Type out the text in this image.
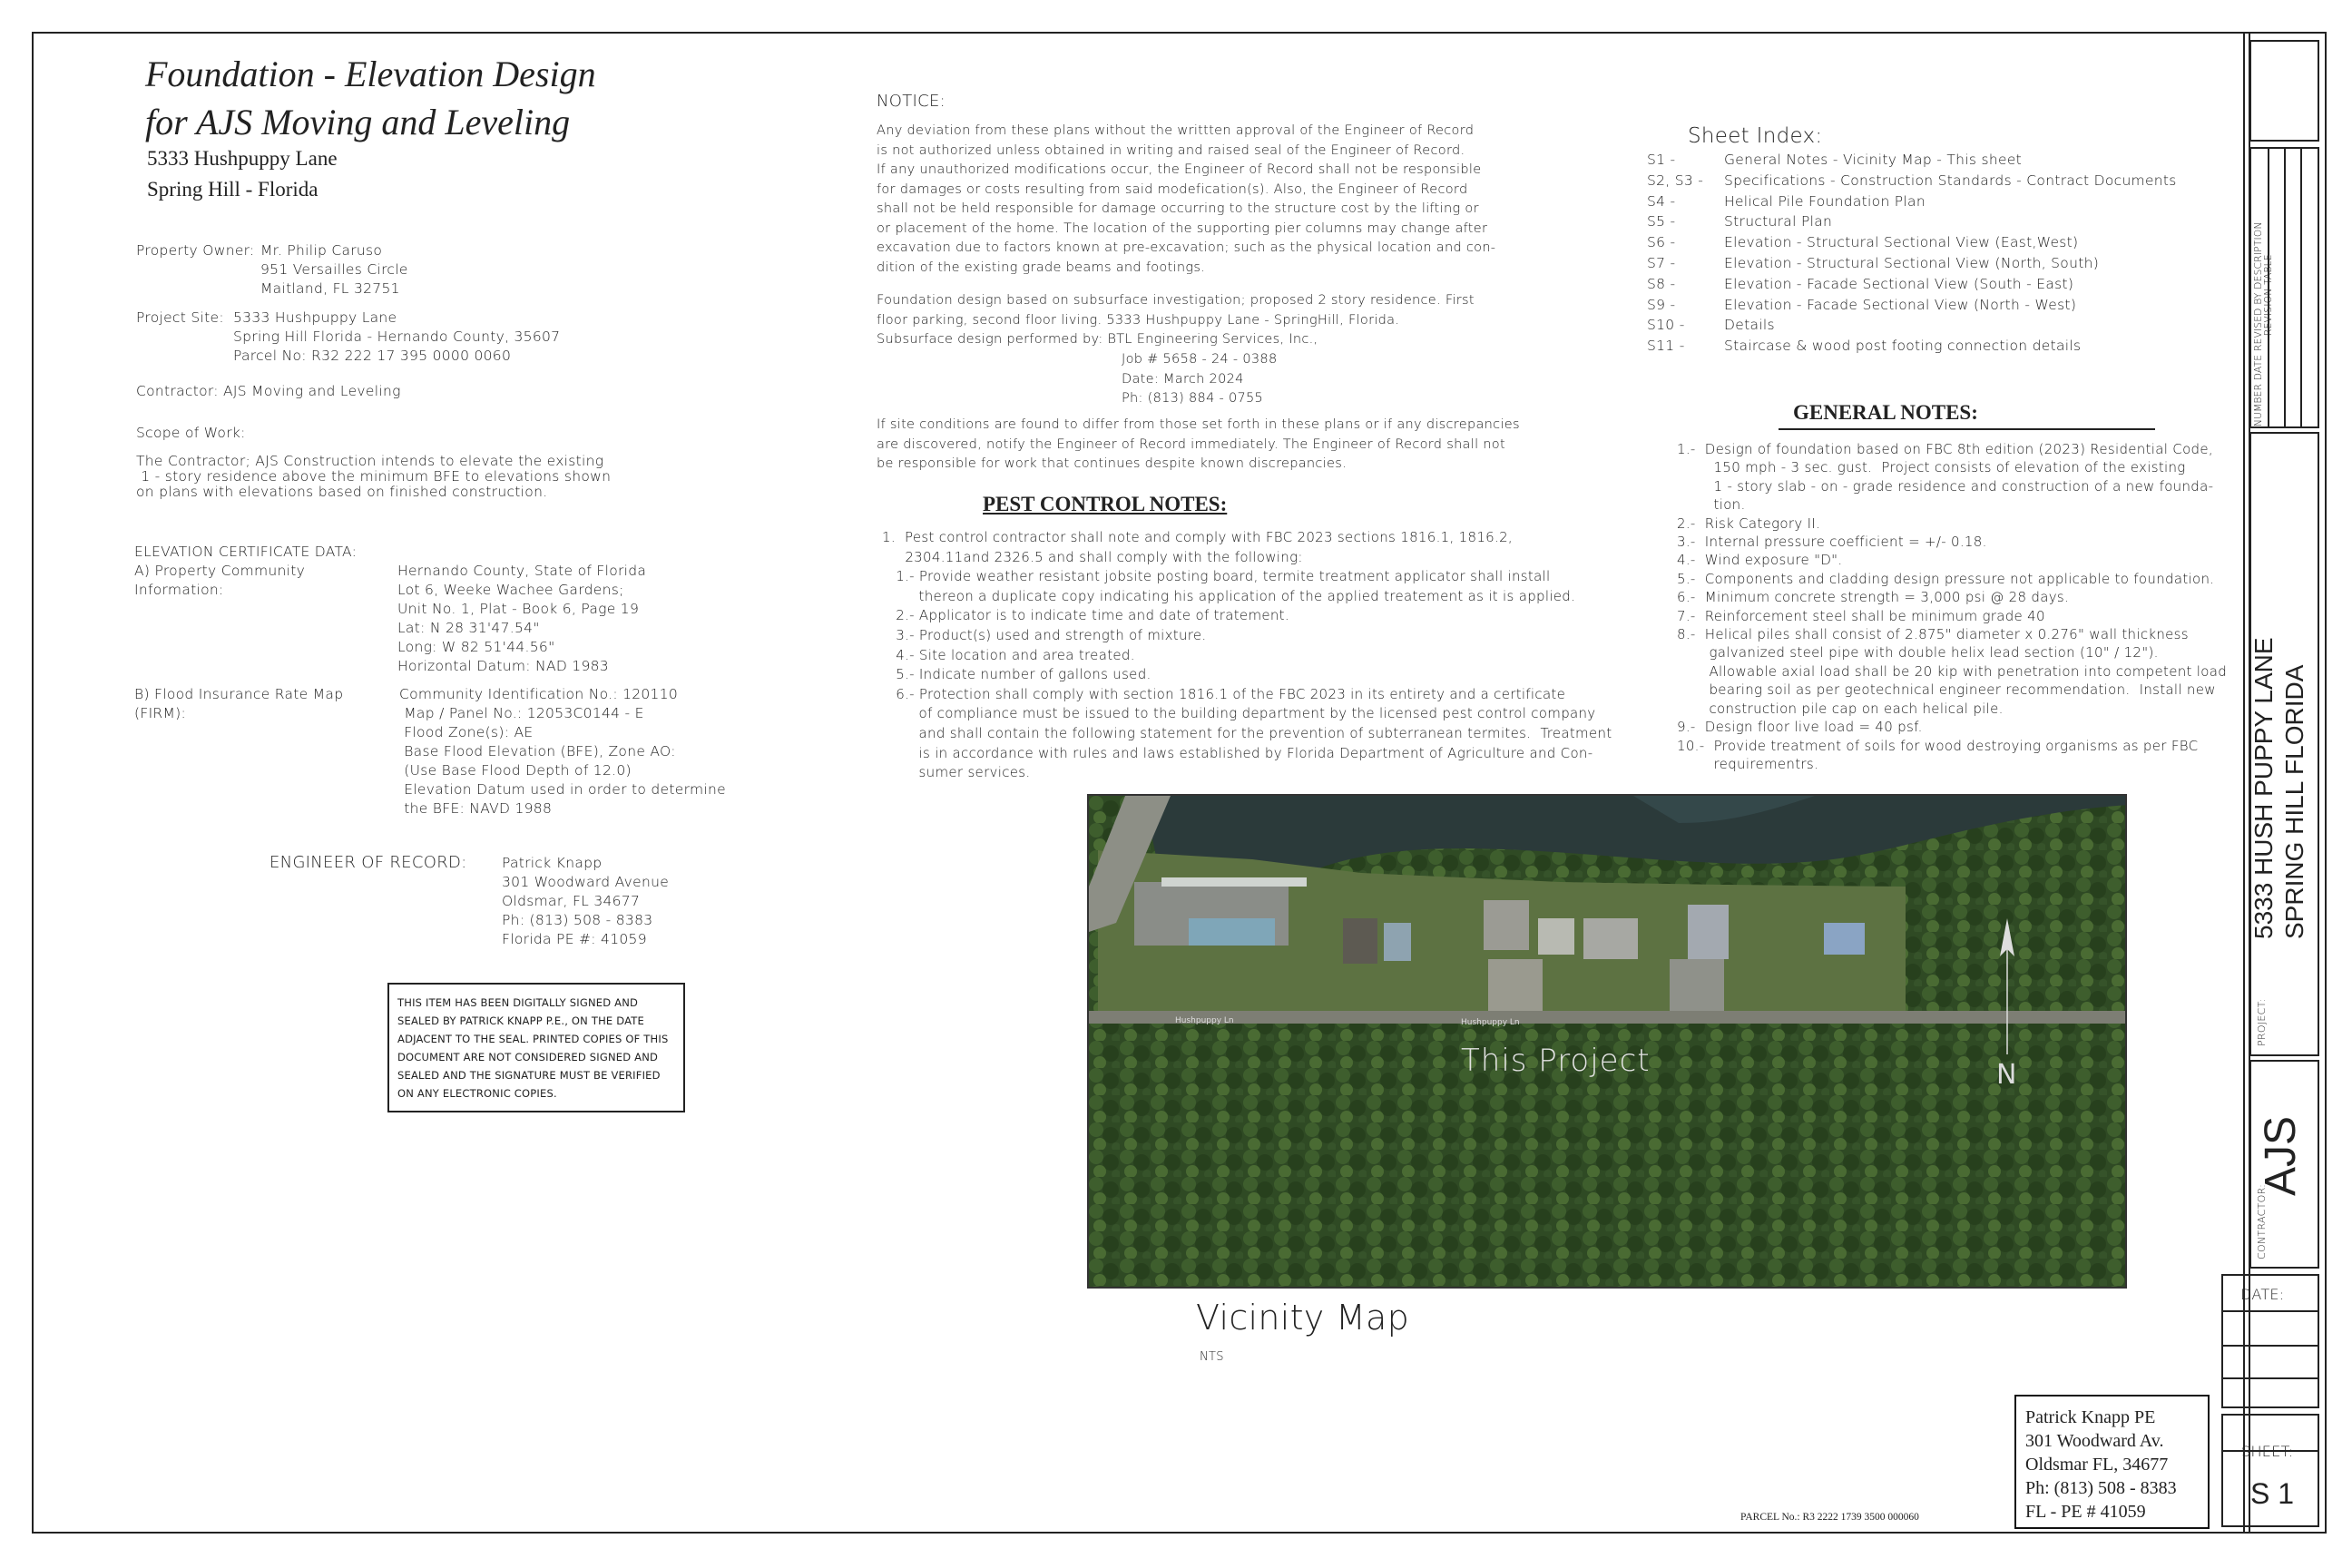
Foundation - Elevation Design
for AJS Moving and Leveling
5333 Hushpuppy Lane
Spring Hill - Florida
Property Owner: Mr. Philip Caruso
951 Versailles Circle
Maitland, FL 32751
Project Site: 5333 Hushpuppy Lane
Spring Hill Florida - Hernando County, 35607
Parcel No: R32 222 17 395 0000 0060
Contractor: AJS Moving and Leveling
Scope of Work:
The Contractor; AJS Construction intends to elevate the existing
1 - story residence above the minimum BFE to elevations shown
on plans with elevations based on finished construction.
ELEVATION CERTIFICATE DATA:
A) Property Community Information:
Hernando County, State of Florida
Lot 6, Weeke Wachee Gardens;
Unit No. 1, Plat - Book 6, Page 19
Lat: N 28 31'47.54"
Long: W 82 51'44.56"
Horizontal Datum: NAD 1983
B) Flood Insurance Rate Map (FIRM):
Community Identification No.: 120110
Map / Panel No.: 12053C0144 - E
Flood Zone(s): AE
Base Flood Elevation (BFE), Zone AO:
(Use Base Flood Depth of 12.0)
Elevation Datum used in order to determine
the BFE: NAVD 1988
ENGINEER OF RECORD: Patrick Knapp
301 Woodward Avenue
Oldsmar, FL 34677
Ph: (813) 508 - 8383
Florida PE #: 41059
THIS ITEM HAS BEEN DIGITALLY SIGNED AND
SEALED BY PATRICK KNAPP P.E., ON THE DATE
ADJACENT TO THE SEAL. PRINTED COPIES OF THIS
DOCUMENT ARE NOT CONSIDERED SIGNED AND
SEALED AND THE SIGNATURE MUST BE VERIFIED
ON ANY ELECTRONIC COPIES.
NOTICE:
Any deviation from these plans without the writtten approval of the Engineer of Record
is not authorized unless obtained in writing and raised seal of the Engineer of Record.
If any unauthorized modifications occur, the Engineer of Record shall not be responsible
for damages or costs resulting from said modefication(s). Also, the Engineer of Record
shall not be held responsible for damage occurring to the structure cost by the lifting or
or placement of the home. The location of the supporting pier columns may change after
excavation due to factors known at pre-excavation; such as the physical location and con-
dition of the existing grade beams and footings.
Foundation design based on subsurface investigation; proposed 2 story residence. First
floor parking, second floor living. 5333 Hushpuppy Lane - SpringHill, Florida.
Subsurface design performed by: BTL Engineering Services, Inc.,
Job # 5658 - 24 - 0388
Date: March 2024
Ph: (813) 884 - 0755
If site conditions are found to differ from those set forth in these plans or if any discrepancies
are discovered, notify the Engineer of Record immediately. The Engineer of Record shall not
be responsible for work that continues despite known discrepancies.
PEST CONTROL NOTES:
1.  Pest control contractor shall note and comply with FBC 2023 sections 1816.1, 1816.2,
2304.11and 2326.5 and shall comply with the following:
1.- Provide weather resistant jobsite posting board, termite treatment applicator shall install
thereon a duplicate copy indicating his application of the applied treatement as it is applied.
2.- Applicator is to indicate time and date of tratement.
3.- Product(s) used and strength of mixture.
4.- Site location and area treated.
5.- Indicate number of gallons used.
6.- Protection shall comply with section 1816.1 of the FBC 2023 in its entirety and a certificate
of compliance must be issued to the building department by the licensed pest control company
and shall contain the following statement for the prevention of subterranean termites.  Treatment
is in accordance with rules and laws established by Florida Department of Agriculture and Con-
sumer services.
Sheet Index:
S1 -	General Notes - Vicinity Map - This sheet
S2, S3 -	Specifications - Construction Standards - Contract Documents
S4 -	Helical Pile Foundation Plan
S5 -	Structural Plan
S6 -	Elevation - Structural Sectional View (East,West)
S7 -	Elevation - Structural Sectional View (North, South)
S8 -	Elevation - Facade Sectional View (South - East)
S9 -	Elevation - Facade Sectional View (North - West)
S10 -	Details
S11 -	Staircase & wood post footing connection details
GENERAL NOTES:
1.-  Design of foundation based on FBC 8th edition (2023) Residential Code,
150 mph - 3 sec. gust.  Project consists of elevation of the existing
1 - story slab - on - grade residence and construction of a new founda-
tion.
2.-  Risk Category II.
3.-  Internal pressure coefficient = +/- 0.18.
4.-  Wind exposure "D".
5.-  Components and cladding design pressure not applicable to foundation.
6.-  Minimum concrete strength = 3,000 psi @ 28 days.
7.-  Reinforcement steel shall be minimum grade 40
8.-  Helical piles shall consist of 2.875" diameter x 0.276" wall thickness
galvanized steel pipe with double helix lead section (10" / 12").
Allowable axial load shall be 20 kip with penetration into competent load
bearing soil as per geotechnical engineer recommendation.  Install new
construction pile cap on each helical pile.
9.-  Design floor live load = 40 psf.
10.-  Provide treatment of soils for wood destroying organisms as per FBC
requirementrs.
Hushpuppy Ln
Hushpuppy Ln
This Project	N
Vicinity Map
NTS
PARCEL No.: R3 2222 1739 3500 000060
Patrick Knapp PE
301 Woodward Av.
Oldsmar FL, 34677
Ph: (813) 508 - 8383
FL - PE # 41059
NUMBER DATE REVISED BY DESCRIPTION REVISION TABLE
PROJECT:
5333 HUSH PUPPY LANE SPRING HILL FLORIDA
CONTRACTOR:
AJS
DATE:
SHEET:
S 1
